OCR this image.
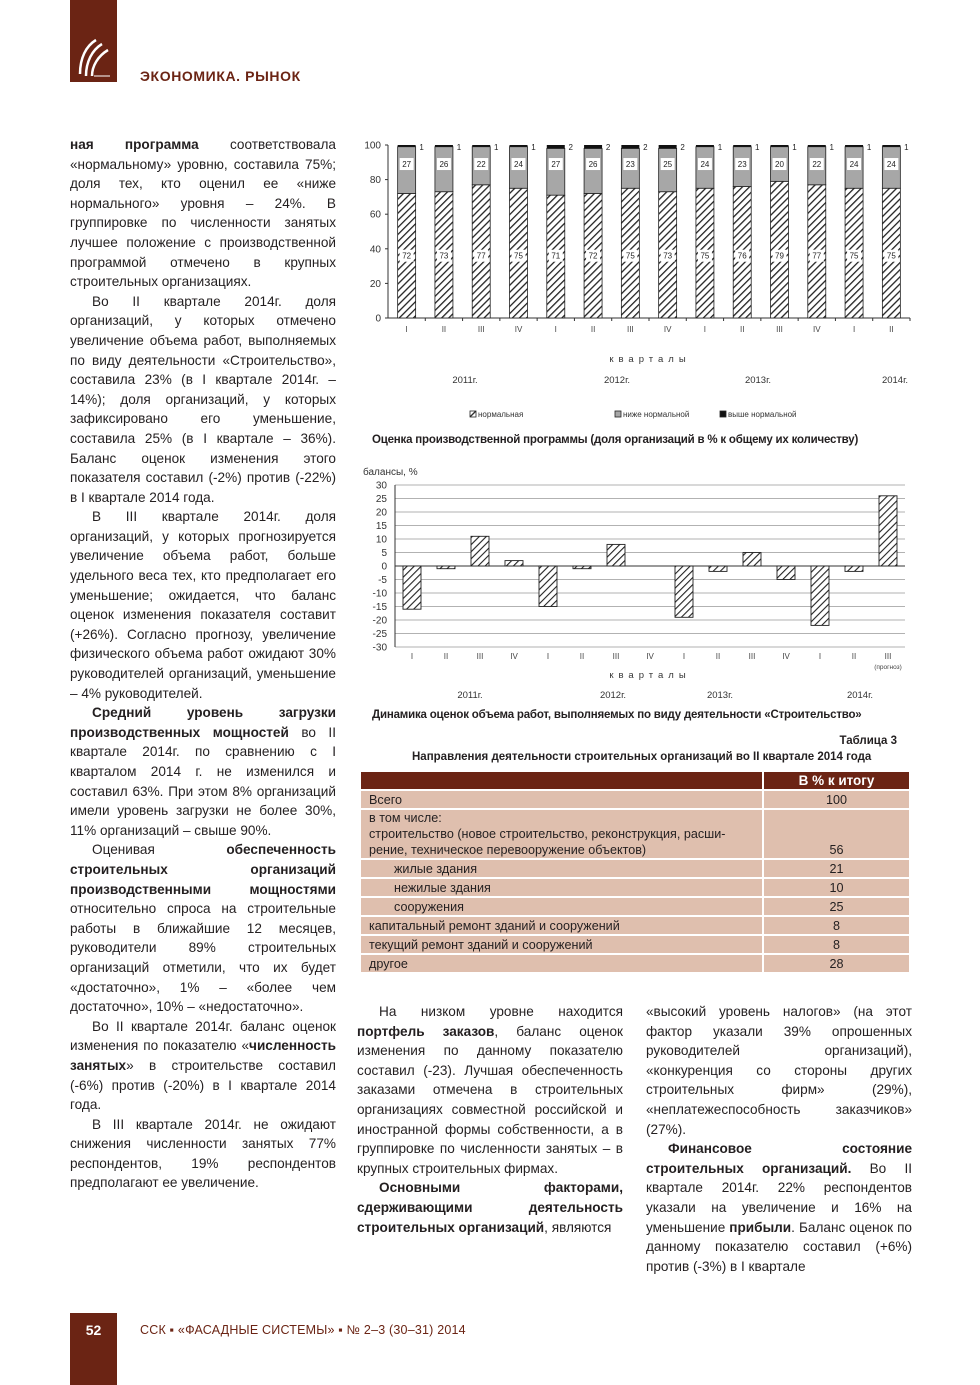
ЭКОНОМИКА. РЫНОК

ная программа соответствовала «нормальному» уровню, составила 75%; доля тех, кто оценил ее «ниже нормального» уровня – 24%. В группировке по численности занятых лучшее положение с производственной программой отмечено в крупных строительных организациях.

Во II квартале 2014г. доля организаций, у которых отмечено увеличение объема работ, выполняемых по виду деятельности «Строительство», составила 23% (в I квартале 2014г. – 14%); доля организаций, у которых зафиксировано его уменьшение, составила 25% (в I квартале – 36%). Баланс оценок изменения этого показателя составил (-2%) против (-22%) в I квартале 2014 года.

В III квартале 2014г. доля организаций, у которых прогнозируется увеличение объема работ, больше удельного веса тех, кто предполагает его уменьшение; ожидается, что баланс оценок изменения показателя составит (+26%). Согласно прогнозу, увеличение физического объема работ ожидают 30% руководителей организаций, уменьшение – 4% руководителей.

Средний уровень загрузки производственных мощностей во II квартале 2014г. по сравнению с I кварталом 2014 г. не изменился и составил 63%. При этом 8% организаций имели уровень загрузки не более 30%, 11% организаций – свыше 90%.

Оценивая обеспеченность строительных организаций производственными мощностями относительно спроса на строительные работы в ближайшие 12 месяцев, руководители 89% строительных организаций отметили, что их будет «достаточно», 1% – «более чем достаточно», 10% – «недостаточно».

Во II квартале 2014г. баланс оценок изменения по показателю «численность занятых» в строительстве составил (-6%) против (-20%) в I квартале 2014 года.

В III квартале 2014г. не ожидают снижения численности занятых 77% респондентов, 19% респондентов предполагают ее увеличение.

0
20
40
60
80
100
I	II	III	IV	I	II	III	IV	I	II	III	IV	I	II
кварталы
2011г.	2012г.	2013г.	2014г.
нормальная	ниже нормальной	выше нормальной
72
27
1
73
26
1
77
22
1
75
24
1
71
27
2
72
26
2
75
23
2
73
25
2
75
24
1
76
23
1
79
20
1
77
22
1
75
24
1
75
24
1
Оценка производственной программы (доля организаций в % к общему их количеству)
балансы, %
-30
-25
-20
-15
-10
-5
0
5
10
15
20
25
30
I	II	III	IV	I	II	III	IV	I	II	III	IV	I	II	III
(прогноз)
кварталы
2011г.	2012г.	2013г.	2014г.
Динамика оценок объема работ, выполняемых по виду деятельности «Строительство»
Таблица 3
Направления деятельности строительных организаций во II квартале 2014 года
	В % к итогу
Всего	100

в том числе:
строительство (новое строительство, реконструкция, расши-
рение, техническое перевооружение объектов)	56
жилые здания	21
нежилые здания	10
сооружения	25
капитальный ремонт зданий и сооружений	8
текущий ремонт зданий и сооружений	8
другое	28

На низком уровне находится портфель заказов, баланс оценок изменения по данному показателю составил (-23). Лучшая обеспеченность заказами отмечена в строительных организациях совместной российской и иностранной формы собственности, а в группировке по численности занятых – в крупных строительных фирмах.

Основными факторами, сдерживающими деятельность строительных организаций, являются

«высокий уровень налогов» (на этот фактор указали 39% опрошенных руководителей организаций), «конкуренция со стороны других строительных фирм» (29%), «неплатежеспособность заказчиков» (27%).

Финансовое состояние строительных организаций. Во II квартале 2014г. 22% респондентов указали на увеличение и 16% на уменьшение прибыли. Баланс оценок по данному показателю составил (+6%) против (-3%) в I квартале

52	ССК ▪ «ФАСАДНЫЕ СИСТЕМЫ» ▪ № 2–3 (30–31) 2014
